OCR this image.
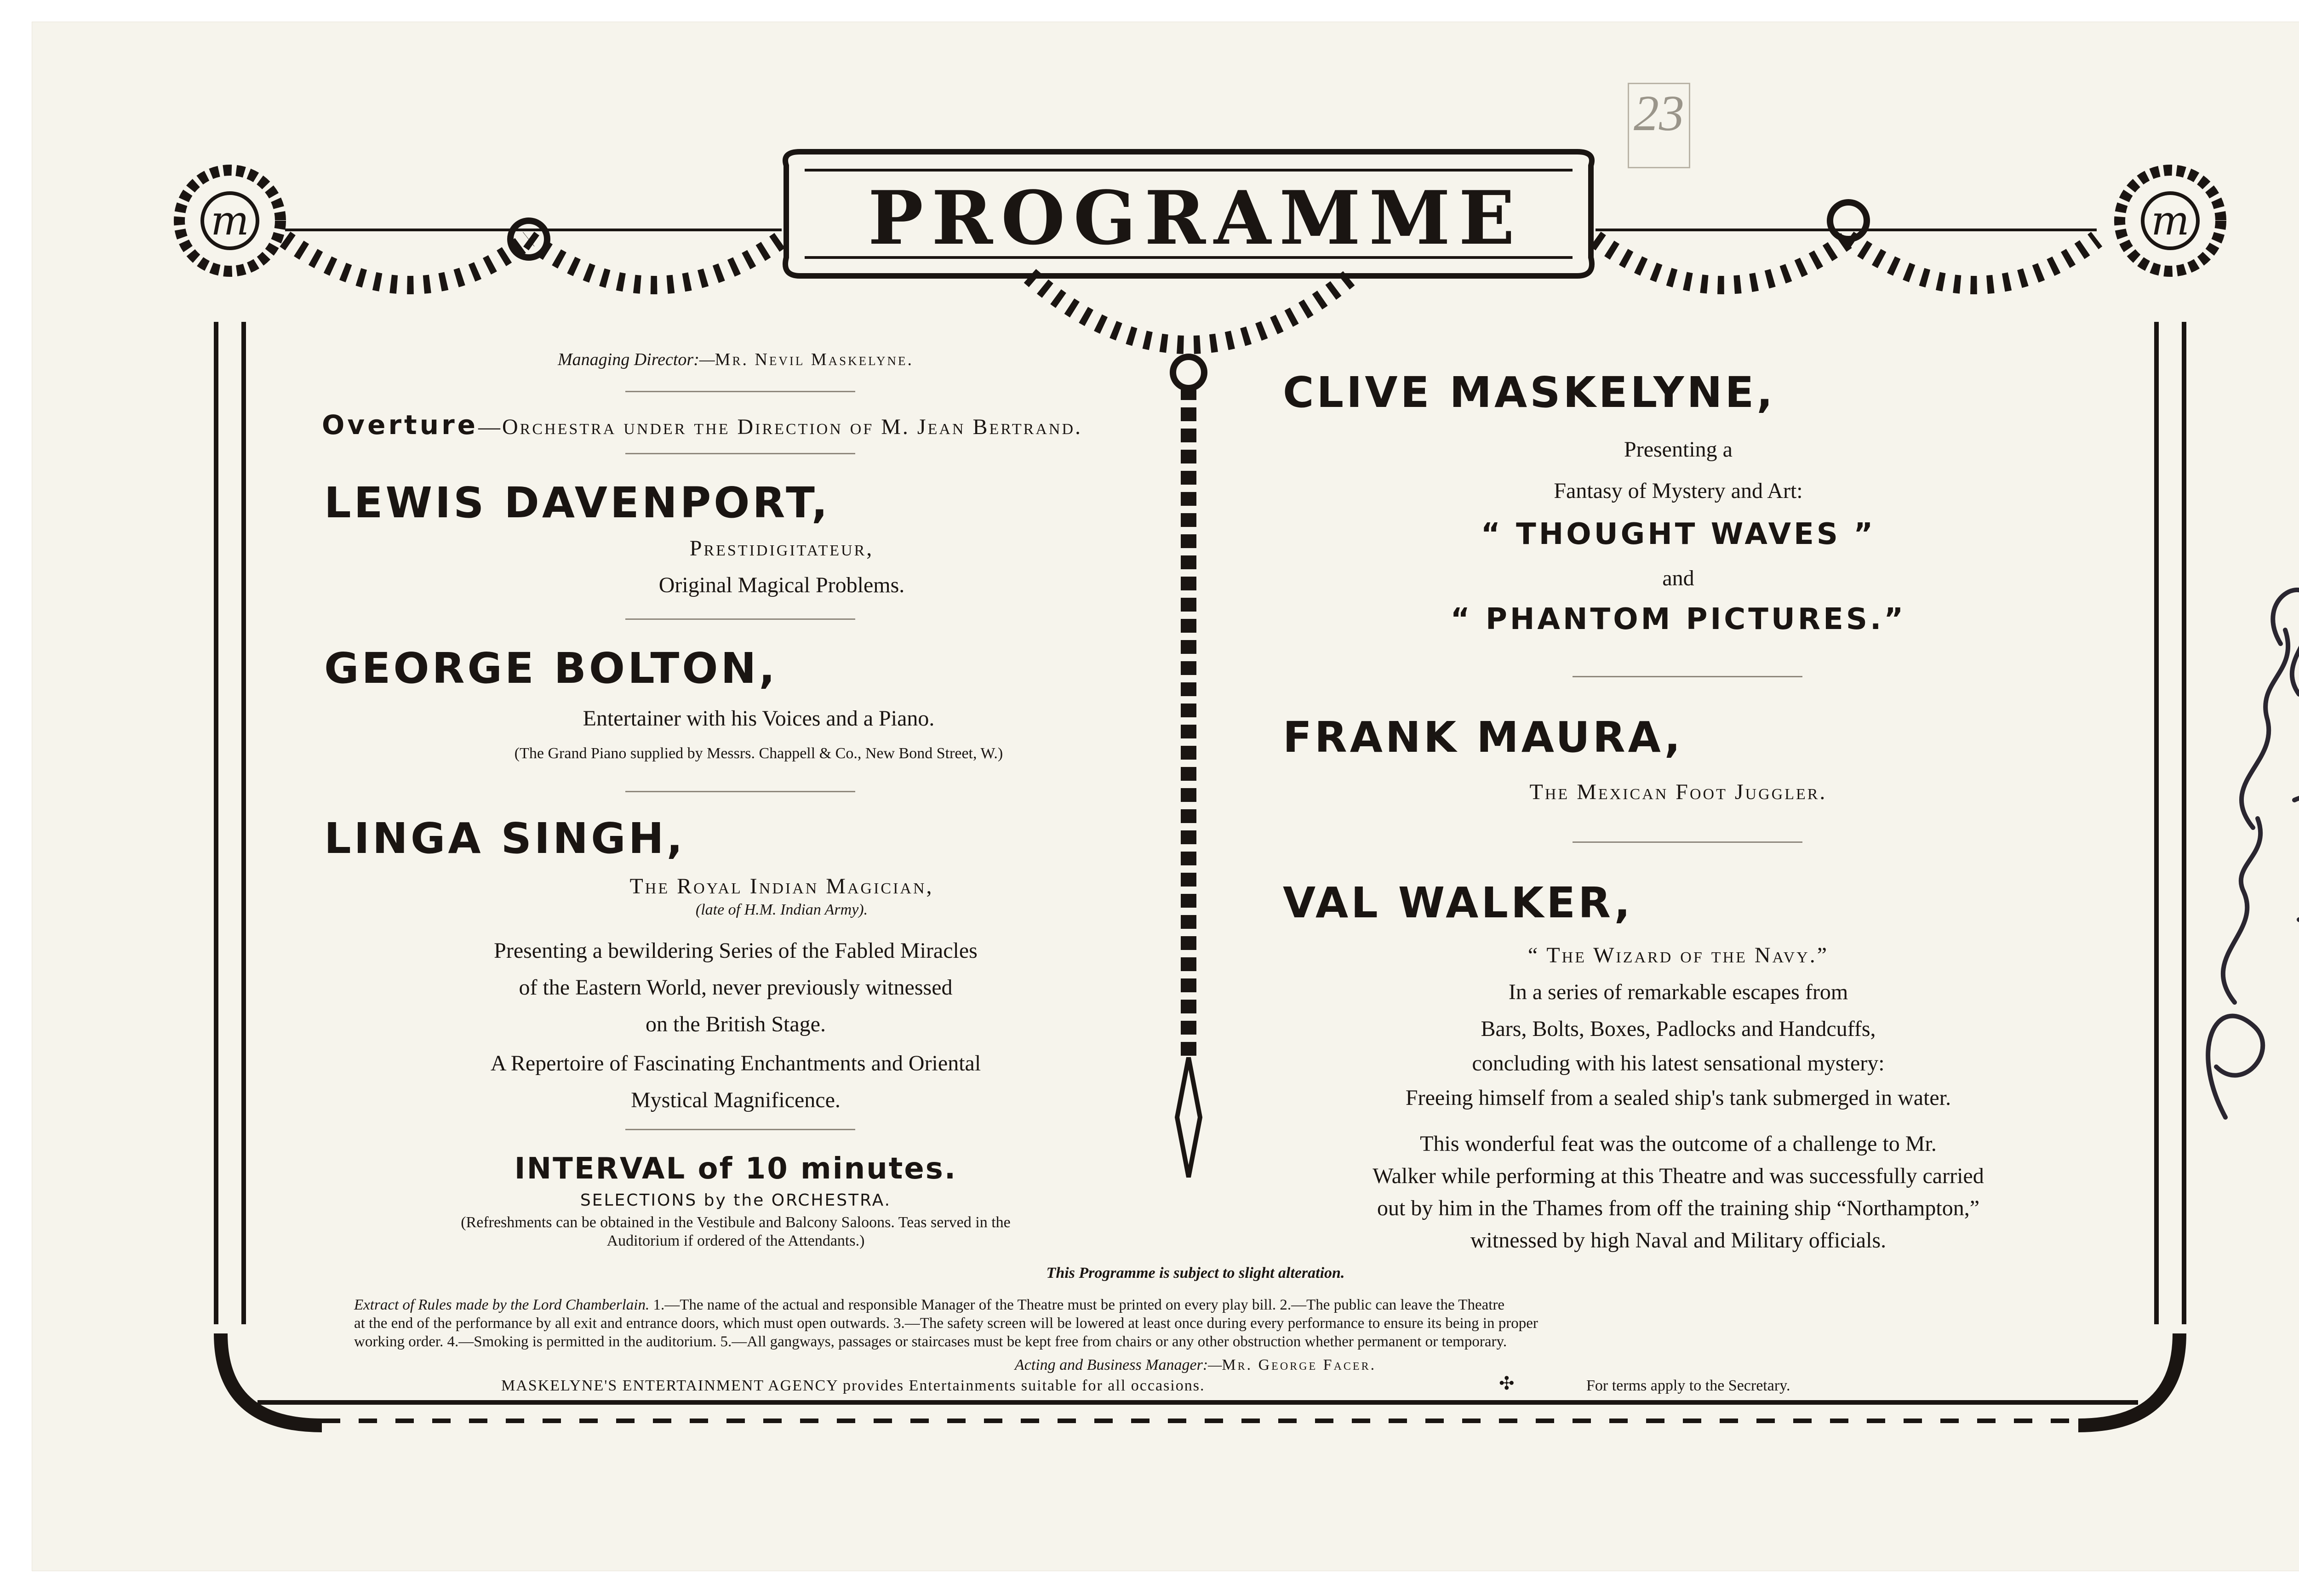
m	m
PROGRAMME
23
Managing Director:—Mr. Nevil Maskelyne.
Overture—Orchestra under the Direction of M. Jean Bertrand.
LEWIS DAVENPORT,
Prestidigitateur,
Original Magical Problems.
GEORGE BOLTON,
Entertainer with his Voices and a Piano.
(The Grand Piano supplied by Messrs. Chappell & Co., New Bond Street, W.)
LINGA SINGH,
The Royal Indian Magician,
(late of H.M. Indian Army).
Presenting a bewildering Series of the Fabled Miracles
of the Eastern World, never previously witnessed
on the British Stage.
A Repertoire of Fascinating Enchantments and Oriental
Mystical Magnificence.
INTERVAL of 10 minutes.
SELECTIONS by the ORCHESTRA.
(Refreshments can be obtained in the Vestibule and Balcony Saloons. Teas served in the
Auditorium if ordered of the Attendants.)
CLIVE MASKELYNE,
Presenting a
Fantasy of Mystery and Art:
“ THOUGHT WAVES ”
and
“ PHANTOM PICTURES.”
FRANK MAURA,
The Mexican Foot Juggler.
VAL WALKER,
“ The Wizard of the Navy.”
In a series of remarkable escapes from
Bars, Bolts, Boxes, Padlocks and Handcuffs,
concluding with his latest sensational mystery:
Freeing himself from a sealed ship's tank submerged in water.
This wonderful feat was the outcome of a challenge to Mr.
Walker while performing at this Theatre and was successfully carried
out by him in the Thames from off the training ship “Northampton,”
witnessed by high Naval and Military officials.
This Programme is subject to slight alteration.
Extract of Rules made by the Lord Chamberlain. 1.—The name of the actual and responsible Manager of the Theatre must be printed on every play bill. 2.—The public can leave the Theatre
at the end of the performance by all exit and entrance doors, which must open outwards. 3.—The safety screen will be lowered at least once during every performance to ensure its being in proper
working order. 4.—Smoking is permitted in the auditorium. 5.—All gangways, passages or staircases must be kept free from chairs or any other obstruction whether permanent or temporary.
Acting and Business Manager:—Mr. George Facer.
MASKELYNE'S ENTERTAINMENT AGENCY provides Entertainments suitable for all occasions.	✣	For terms apply to the Secretary.
